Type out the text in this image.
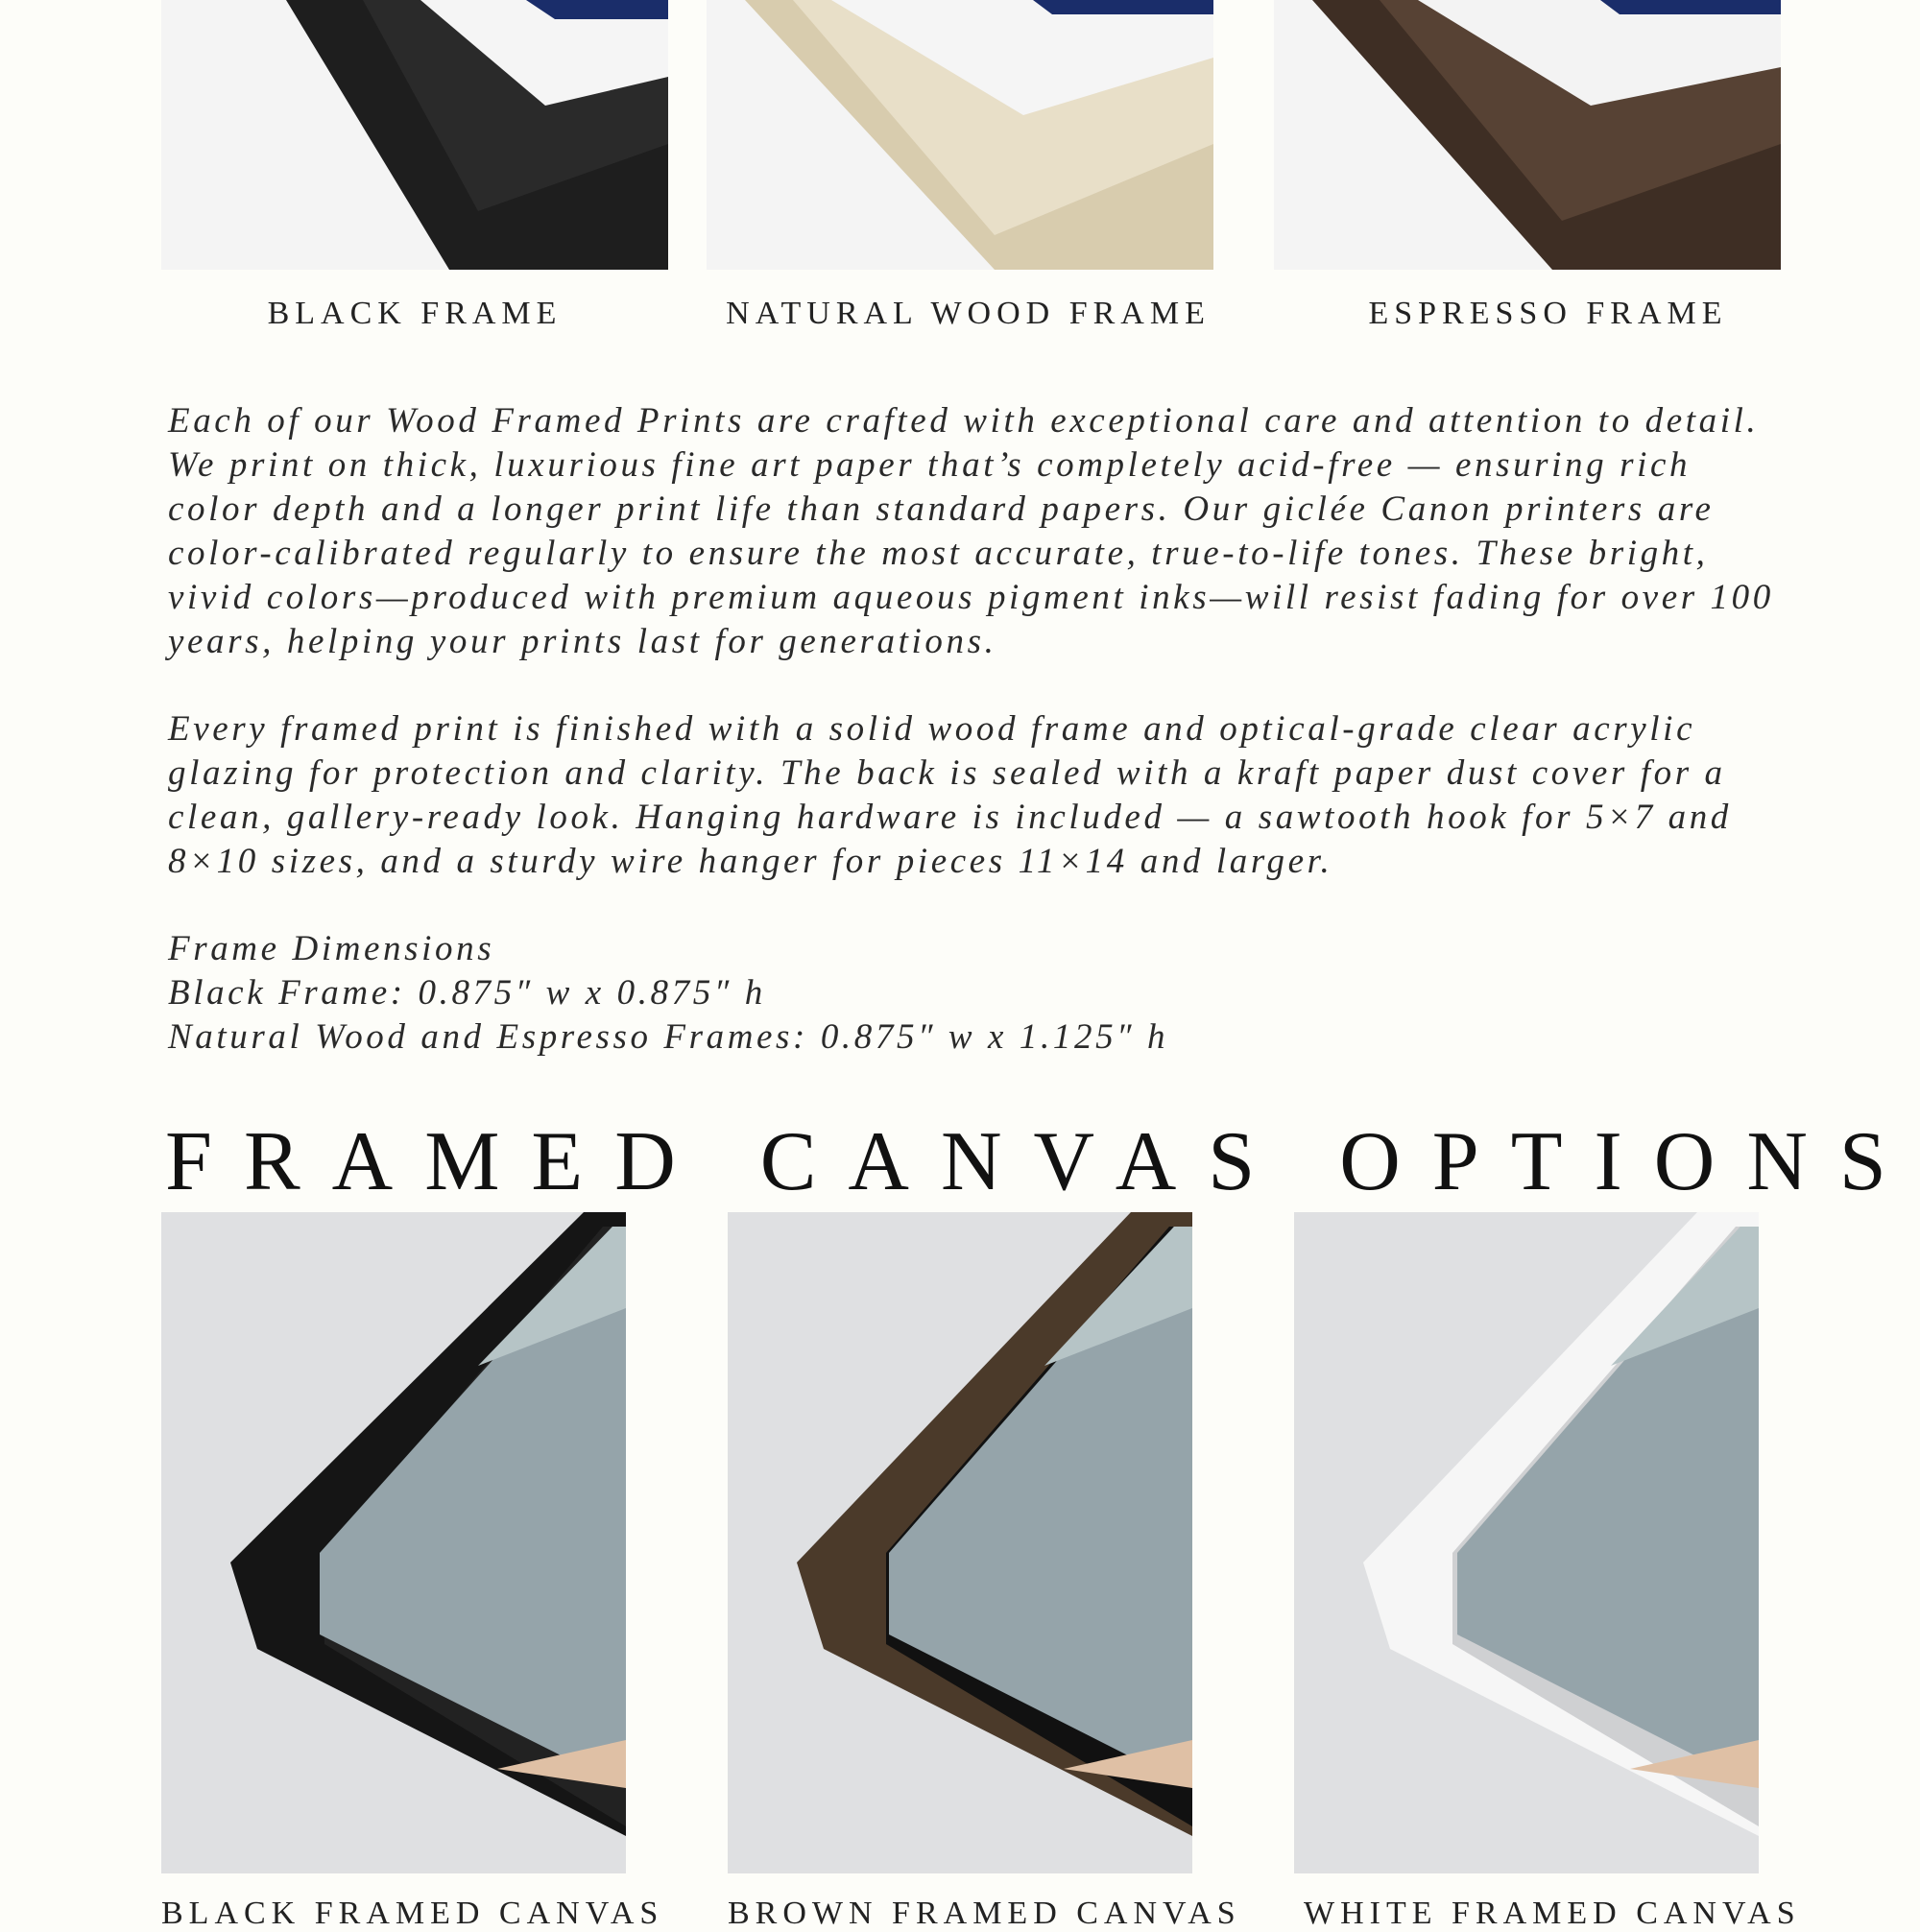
BLACK FRAME	NATURAL WOOD FRAME	ESPRESSO FRAME

Each of our Wood Framed Prints are crafted with exceptional care and attention to detail. We print on thick, luxurious fine art paper that’s completely acid-free — ensuring rich color depth and a longer print life than standard papers. Our giclée Canon printers are color-calibrated regularly to ensure the most accurate, true-to-life tones. These bright, vivid colors—produced with premium aqueous pigment inks—will resist fading for over 100 years, helping your prints last for generations.

Every framed print is finished with a solid wood frame and optical-grade clear acrylic glazing for protection and clarity. The back is sealed with a kraft paper dust cover for a clean, gallery-ready look. Hanging hardware is included — a sawtooth hook for 5×7 and 8×10 sizes, and a sturdy wire hanger for pieces 11×14 and larger.

Frame Dimensions

Black Frame: 0.875″ w x 0.875″ h

Natural Wood and Espresso Frames: 0.875″ w x 1.125″ h

FRAMED CANVAS OPTIONS
BLACK FRAMED CANVAS BROWN FRAMED CANVAS WHITE FRAMED CANVAS
